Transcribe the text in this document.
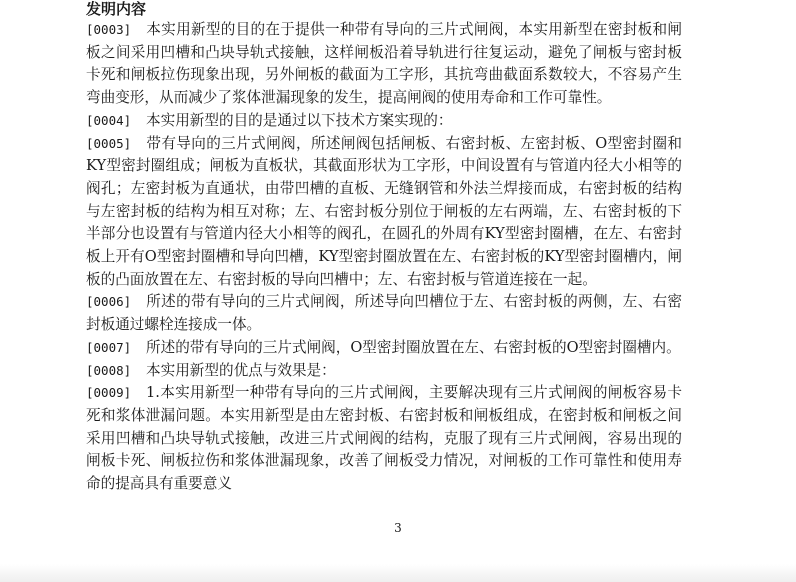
发明内容

[0003] 本实用新型的目的在于提供一种带有导向的三片式闸阀，本实用新型在密封板和闸板之间采用凹槽和凸块导轨式接触，这样闸板沿着导轨进行往复运动，避免了闸板与密封板卡死和闸板拉伤现象出现，另外闸板的截面为工字形，其抗弯曲截面系数较大，不容易产生弯曲变形，从而减少了浆体泄漏现象的发生，提高闸阀的使用寿命和工作可靠性。

[0004] 本实用新型的目的是通过以下技术方案实现的：

[0005] 带有导向的三片式闸阀，所述闸阀包括闸板、右密封板、左密封板、O型密封圈和KY型密封圈组成；闸板为直板状，其截面形状为工字形，中间设置有与管道内径大小相等的阀孔；左密封板为直通状，由带凹槽的直板、无缝钢管和外法兰焊接而成，右密封板的结构与左密封板的结构为相互对称；左、右密封板分别位于闸板的左右两端，左、右密封板的下半部分也设置有与管道内径大小相等的阀孔，在圆孔的外周有KY型密封圈槽，在左、右密封板上开有O型密封圈槽和导向凹槽，KY型密封圈放置在左、右密封板的KY型密封圈槽内，闸板的凸面放置在左、右密封板的导向凹槽中；左、右密封板与管道连接在一起。

[0006] 所述的带有导向的三片式闸阀，所述导向凹槽位于左、右密封板的两侧，左、右密封板通过螺栓连接成一体。

[0007] 所述的带有导向的三片式闸阀，O型密封圈放置在左、右密封板的O型密封圈槽内。

[0008] 本实用新型的优点与效果是：

[0009] 1.本实用新型一种带有导向的三片式闸阀，主要解决现有三片式闸阀的闸板容易卡死和浆体泄漏问题。本实用新型是由左密封板、右密封板和闸板组成，在密封板和闸板之间采用凹槽和凸块导轨式接触，改进三片式闸阀的结构，克服了现有三片式闸阀，容易出现的闸板卡死、闸板拉伤和浆体泄漏现象，改善了闸板受力情况，对闸板的工作可靠性和使用寿命的提高具有重要意义

3
